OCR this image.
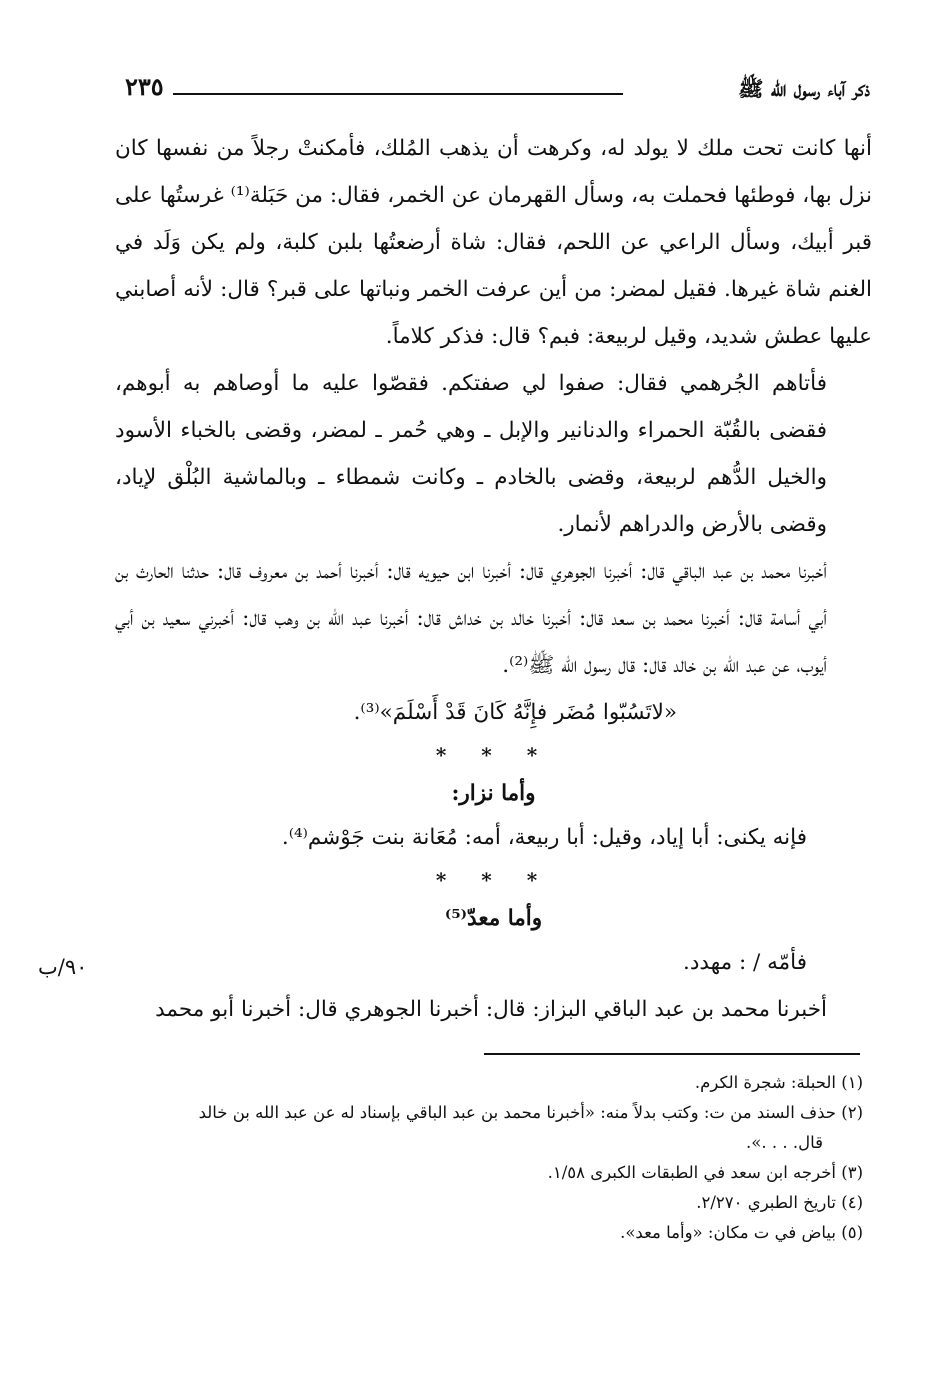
٢٣٥	ذكر آباء رسول الله ﷺ

أنها كانت تحت ملك لا يولد له، وكرهت أن يذهب المُلك، فأمكنتْ رجلاً من نفسها كان نزل بها، فوطئها فحملت به، وسأل القهرمان عن الخمر، فقال: من حَبَلة⁽¹⁾ غرستُها على قبر أبيك، وسأل الراعي عن اللحم، فقال: شاة أرضعتُها بلبن كلبة، ولم يكن وَلَد في الغنم شاة غيرها. فقيل لمضر: من أين عرفت الخمر ونباتها على قبر؟ قال: لأنه أصابني عليها عطش شديد، وقيل لربيعة: فبم؟ قال: فذكر كلاماً.

فأتاهم الجُرهمي فقال: صفوا لي صفتكم. فقصّوا عليه ما أوصاهم به أبوهم، فقضى بالقُبّة الحمراء والدنانير والإبل ـ وهي حُمر ـ لمضر، وقضى بالخباء الأسود والخيل الدُّهم لربيعة، وقضى بالخادم ـ وكانت شمطاء ـ وبالماشية البُلْق لإياد، وقضى بالأرض والدراهم لأنمار.

أخبرنا محمد بن عبد الباقي قال: أخبرنا الجوهري قال: أخبرنا ابن حيويه قال: أخبرنا أحمد بن معروف قال: حدثنا الحارث بن أبي أسامة قال: أخبرنا محمد بن سعد قال: أخبرنا خالد بن خداش قال: أخبرنا عبد الله بن وهب قال: أخبرني سعيد بن أبي أيوب، عن عبد الله بن خالد قال: قال رسول الله ﷺ⁽²⁾.

«لاتَسُبّوا مُضَر فإِنَّهُ كَانَ قَدْ أَسْلَمَ»⁽³⁾.

* * *

وأما نزار:

فإنه يكنى: أبا إياد، وقيل: أبا ربيعة، أمه: مُعَانة بنت جَوْشم⁽⁴⁾.

* * *

وأما معدّ⁽⁵⁾

فأمّه / : مهدد.

أخبرنا محمد بن عبد الباقي البزاز: قال: أخبرنا الجوهري قال: أخبرنا أبو محمد

٩٠/ب

(١) الحبلة: شجرة الكرم.

(٢) حذف السند من ت: وكتب بدلاً منه: «أخبرنا محمد بن عبد الباقي بإسناد له عن عبد الله بن خالد

قال. . . .».

(٣) أخرجه ابن سعد في الطبقات الكبرى ١/٥٨.

(٤) تاريخ الطبري ٢/٢٧٠.

(٥) بياض في ت مكان: «وأما معد».
